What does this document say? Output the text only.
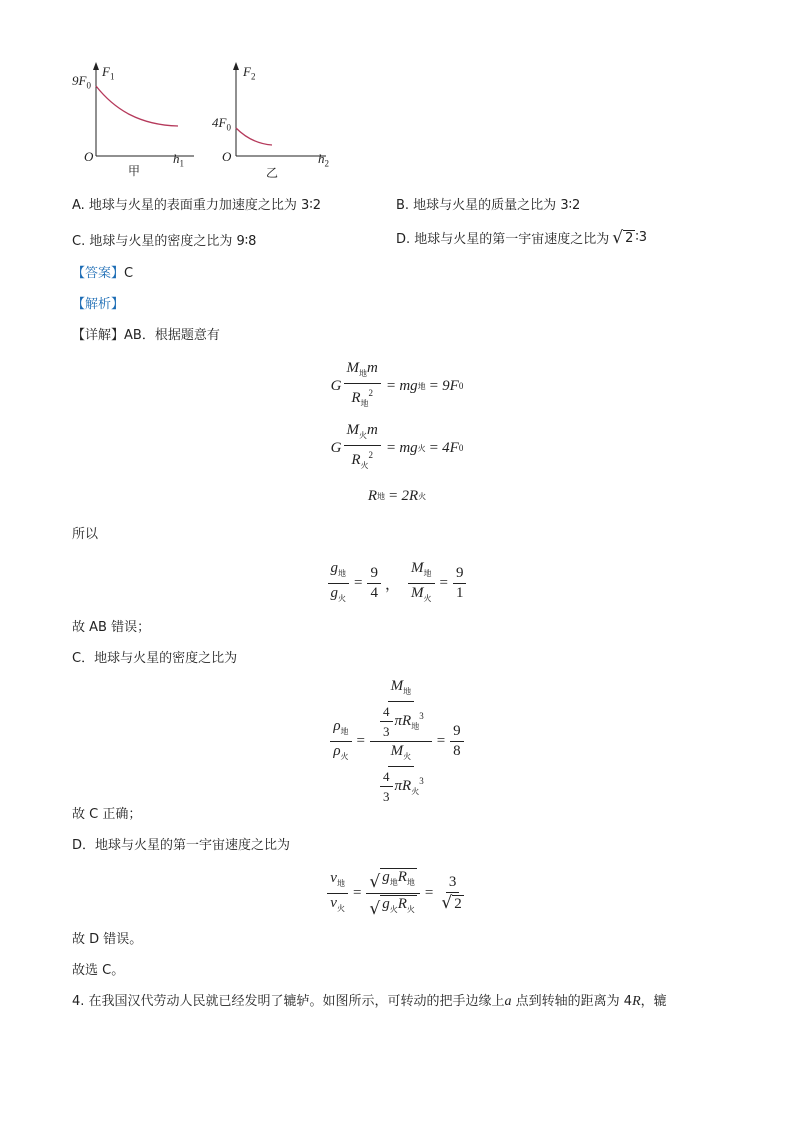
$F_1$
$9F_0$
O	$h_1$
甲
$F_2$
$4F_0$
O	$h_2$
乙
A. 地球与火星的表面重力加速度之比为 3∶2	B. 地球与火星的质量之比为 3∶2
C. 地球与火星的密度之比为 9∶8	D. 地球与火星的第一宇宙速度之比为 √ 2 ∶3
【答案】C
【解析】
【详解】AB．根据题意有
G $\frac{M_地m}{R_地^2}$ = mg 地 = 9F 0
G $\frac{M_火m}{R_火^2}$ = mg 火 = 4F 0
R 地 = 2R 火
所以
$\frac{g_地}{g_火} = \frac{9}{4}$ ， $\frac{M_地}{M_火} = \frac{9}{1}$
故 AB 错误；
C．地球与火星的密度之比为
$\frac{\rho_地}{\rho_火} = \frac{\frac{M_地}{\frac{4}{3} \pi R_地^3}}{\frac{M_火}{\frac{4}{3} \pi R_火^3}} = \frac{9}{8}$
故 C 正确；
D．地球与火星的第一宇宙速度之比为
$\frac{v_地}{v_火} = \frac{√ g_地R_地}{√ g_火R_火} = \frac{3}{√ 2}$
故 D 错误。
故选 C。
4. 在我国汉代劳动人民就已经发明了辘轳。如图所示，可转动的把手边缘上a 点到转轴的距离为 4R，辘
